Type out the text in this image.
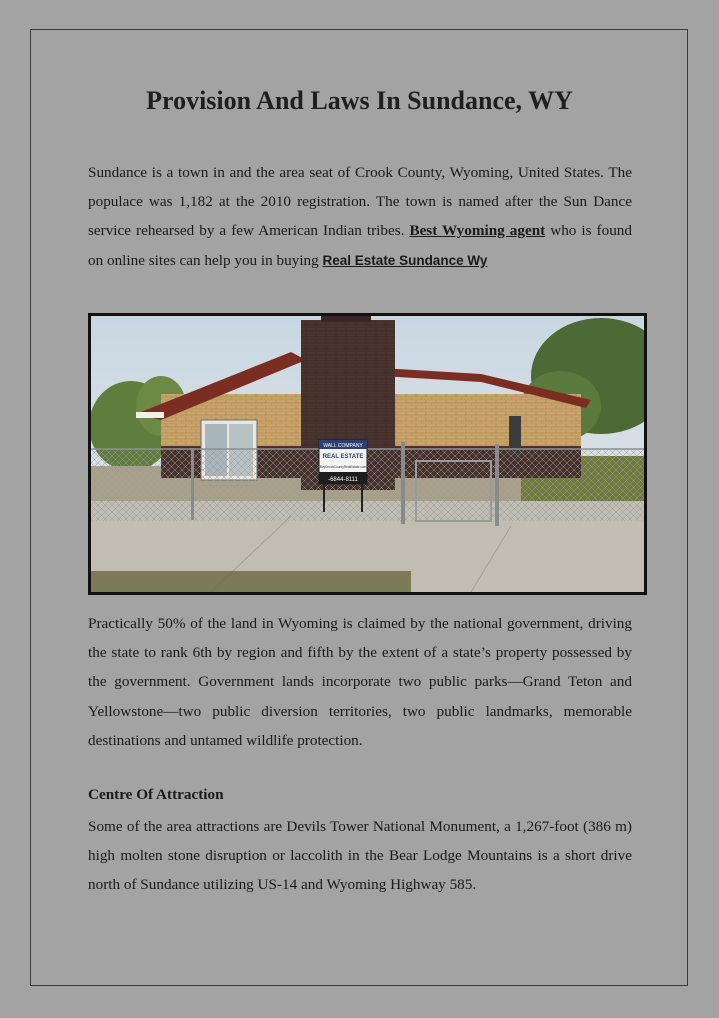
Provision And Laws In Sundance, WY

Sundance is a town in and the area seat of Crook County, Wyoming, United States. The populace was 1,182 at the 2010 registration. The town is named after the Sun Dance service rehearsed by a few American Indian tribes. Best Wyoming agent who is found on online sites can help you in buying Real Estate Sundance Wy

WALL COMPANY
REAL ESTATE
BuyCrookCountyRealEstate.com
-6844-8111

Practically 50% of the land in Wyoming is claimed by the national government, driving the state to rank 6th by region and fifth by the extent of a state’s property possessed by the government. Government lands incorporate two public parks—Grand Teton and Yellowstone—two public diversion territories, two public landmarks, memorable destinations and untamed wildlife protection.

Centre Of Attraction

Some of the area attractions are Devils Tower National Monument, a 1,267-foot (386 m) high molten stone disruption or laccolith in the Bear Lodge Mountains is a short drive north of Sundance utilizing US-14 and Wyoming Highway 585.
